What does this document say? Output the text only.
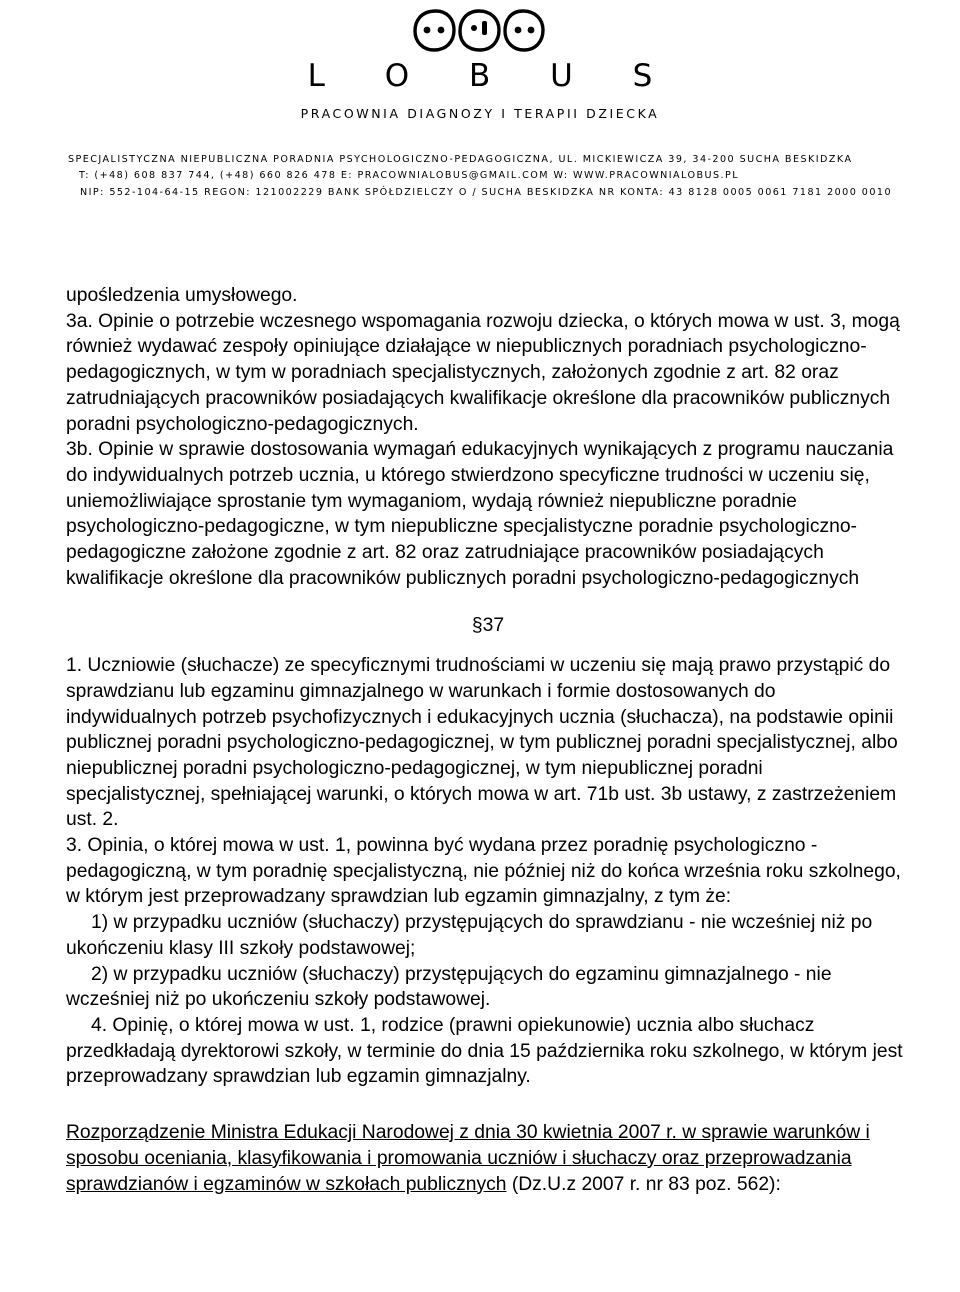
L O B U S
PRACOWNIA DIAGNOZY I TERAPII DZIECKA
SPECJALISTYCZNA NIEPUBLICZNA PORADNIA PSYCHOLOGICZNO-PEDAGOGICZNA, UL. MICKIEWICZA 39, 34-200 SUCHA BESKIDZKA
T: (+48) 608 837 744, (+48) 660 826 478 E: PRACOWNIALOBUS@GMAIL.COM W: WWW.PRACOWNIALOBUS.PL
NIP: 552-104-64-15 REGON: 121002229 BANK SPÓŁDZIELCZY O / SUCHA BESKIDZKA NR KONTA: 43 8128 0005 0061 7181 2000 0010

upośledzenia umysłowego.

3a. Opinie o potrzebie wczesnego wspomagania rozwoju dziecka, o których mowa w ust. 3, mogą również wydawać zespoły opiniujące działające w niepublicznych poradniach psychologiczno-pedagogicznych, w tym w poradniach specjalistycznych, założonych zgodnie z art. 82 oraz zatrudniających pracowników posiadających kwalifikacje określone dla pracowników publicznych poradni psychologiczno-pedagogicznych.

3b. Opinie w sprawie dostosowania wymagań edukacyjnych wynikających z programu nauczania do indywidualnych potrzeb ucznia, u którego stwierdzono specyficzne trudności w uczeniu się, uniemożliwiające sprostanie tym wymaganiom, wydają również niepubliczne poradnie psychologiczno-pedagogiczne, w tym niepubliczne specjalistyczne poradnie psychologiczno-pedagogiczne założone zgodnie z art. 82 oraz zatrudniające pracowników posiadających kwalifikacje określone dla pracowników publicznych poradni psychologiczno-pedagogicznych

§37

1. Uczniowie (słuchacze) ze specyficznymi trudnościami w uczeniu się mają prawo przystąpić do sprawdzianu lub egzaminu gimnazjalnego w warunkach i formie dostosowanych do indywidualnych potrzeb psychofizycznych i edukacyjnych ucznia (słuchacza), na podstawie opinii publicznej poradni psychologiczno-pedagogicznej, w tym publicznej poradni specjalistycznej, albo niepublicznej poradni psychologiczno-pedagogicznej, w tym niepublicznej poradni specjalistycznej, spełniającej warunki, o których mowa w art. 71b ust. 3b ustawy, z zastrzeżeniem ust. 2.

3. Opinia, o której mowa w ust. 1, powinna być wydana przez poradnię psychologiczno - pedagogiczną, w tym poradnię specjalistyczną, nie później niż do końca września roku szkolnego, w którym jest przeprowadzany sprawdzian lub egzamin gimnazjalny, z tym że:

1) w przypadku uczniów (słuchaczy) przystępujących do sprawdzianu - nie wcześniej niż po ukończeniu klasy III szkoły podstawowej;

2) w przypadku uczniów (słuchaczy) przystępujących do egzaminu gimnazjalnego - nie wcześniej niż po ukończeniu szkoły podstawowej.

4. Opinię, o której mowa w ust. 1, rodzice (prawni opiekunowie) ucznia albo słuchacz przedkładają dyrektorowi szkoły, w terminie do dnia 15 października roku szkolnego, w którym jest przeprowadzany sprawdzian lub egzamin gimnazjalny.

Rozporządzenie Ministra Edukacji Narodowej z dnia 30 kwietnia 2007 r. w sprawie warunków i sposobu oceniania, klasyfikowania i promowania uczniów i słuchaczy oraz przeprowadzania sprawdzianów i egzaminów w szkołach publicznych (Dz.U.z 2007 r. nr 83 poz. 562):
